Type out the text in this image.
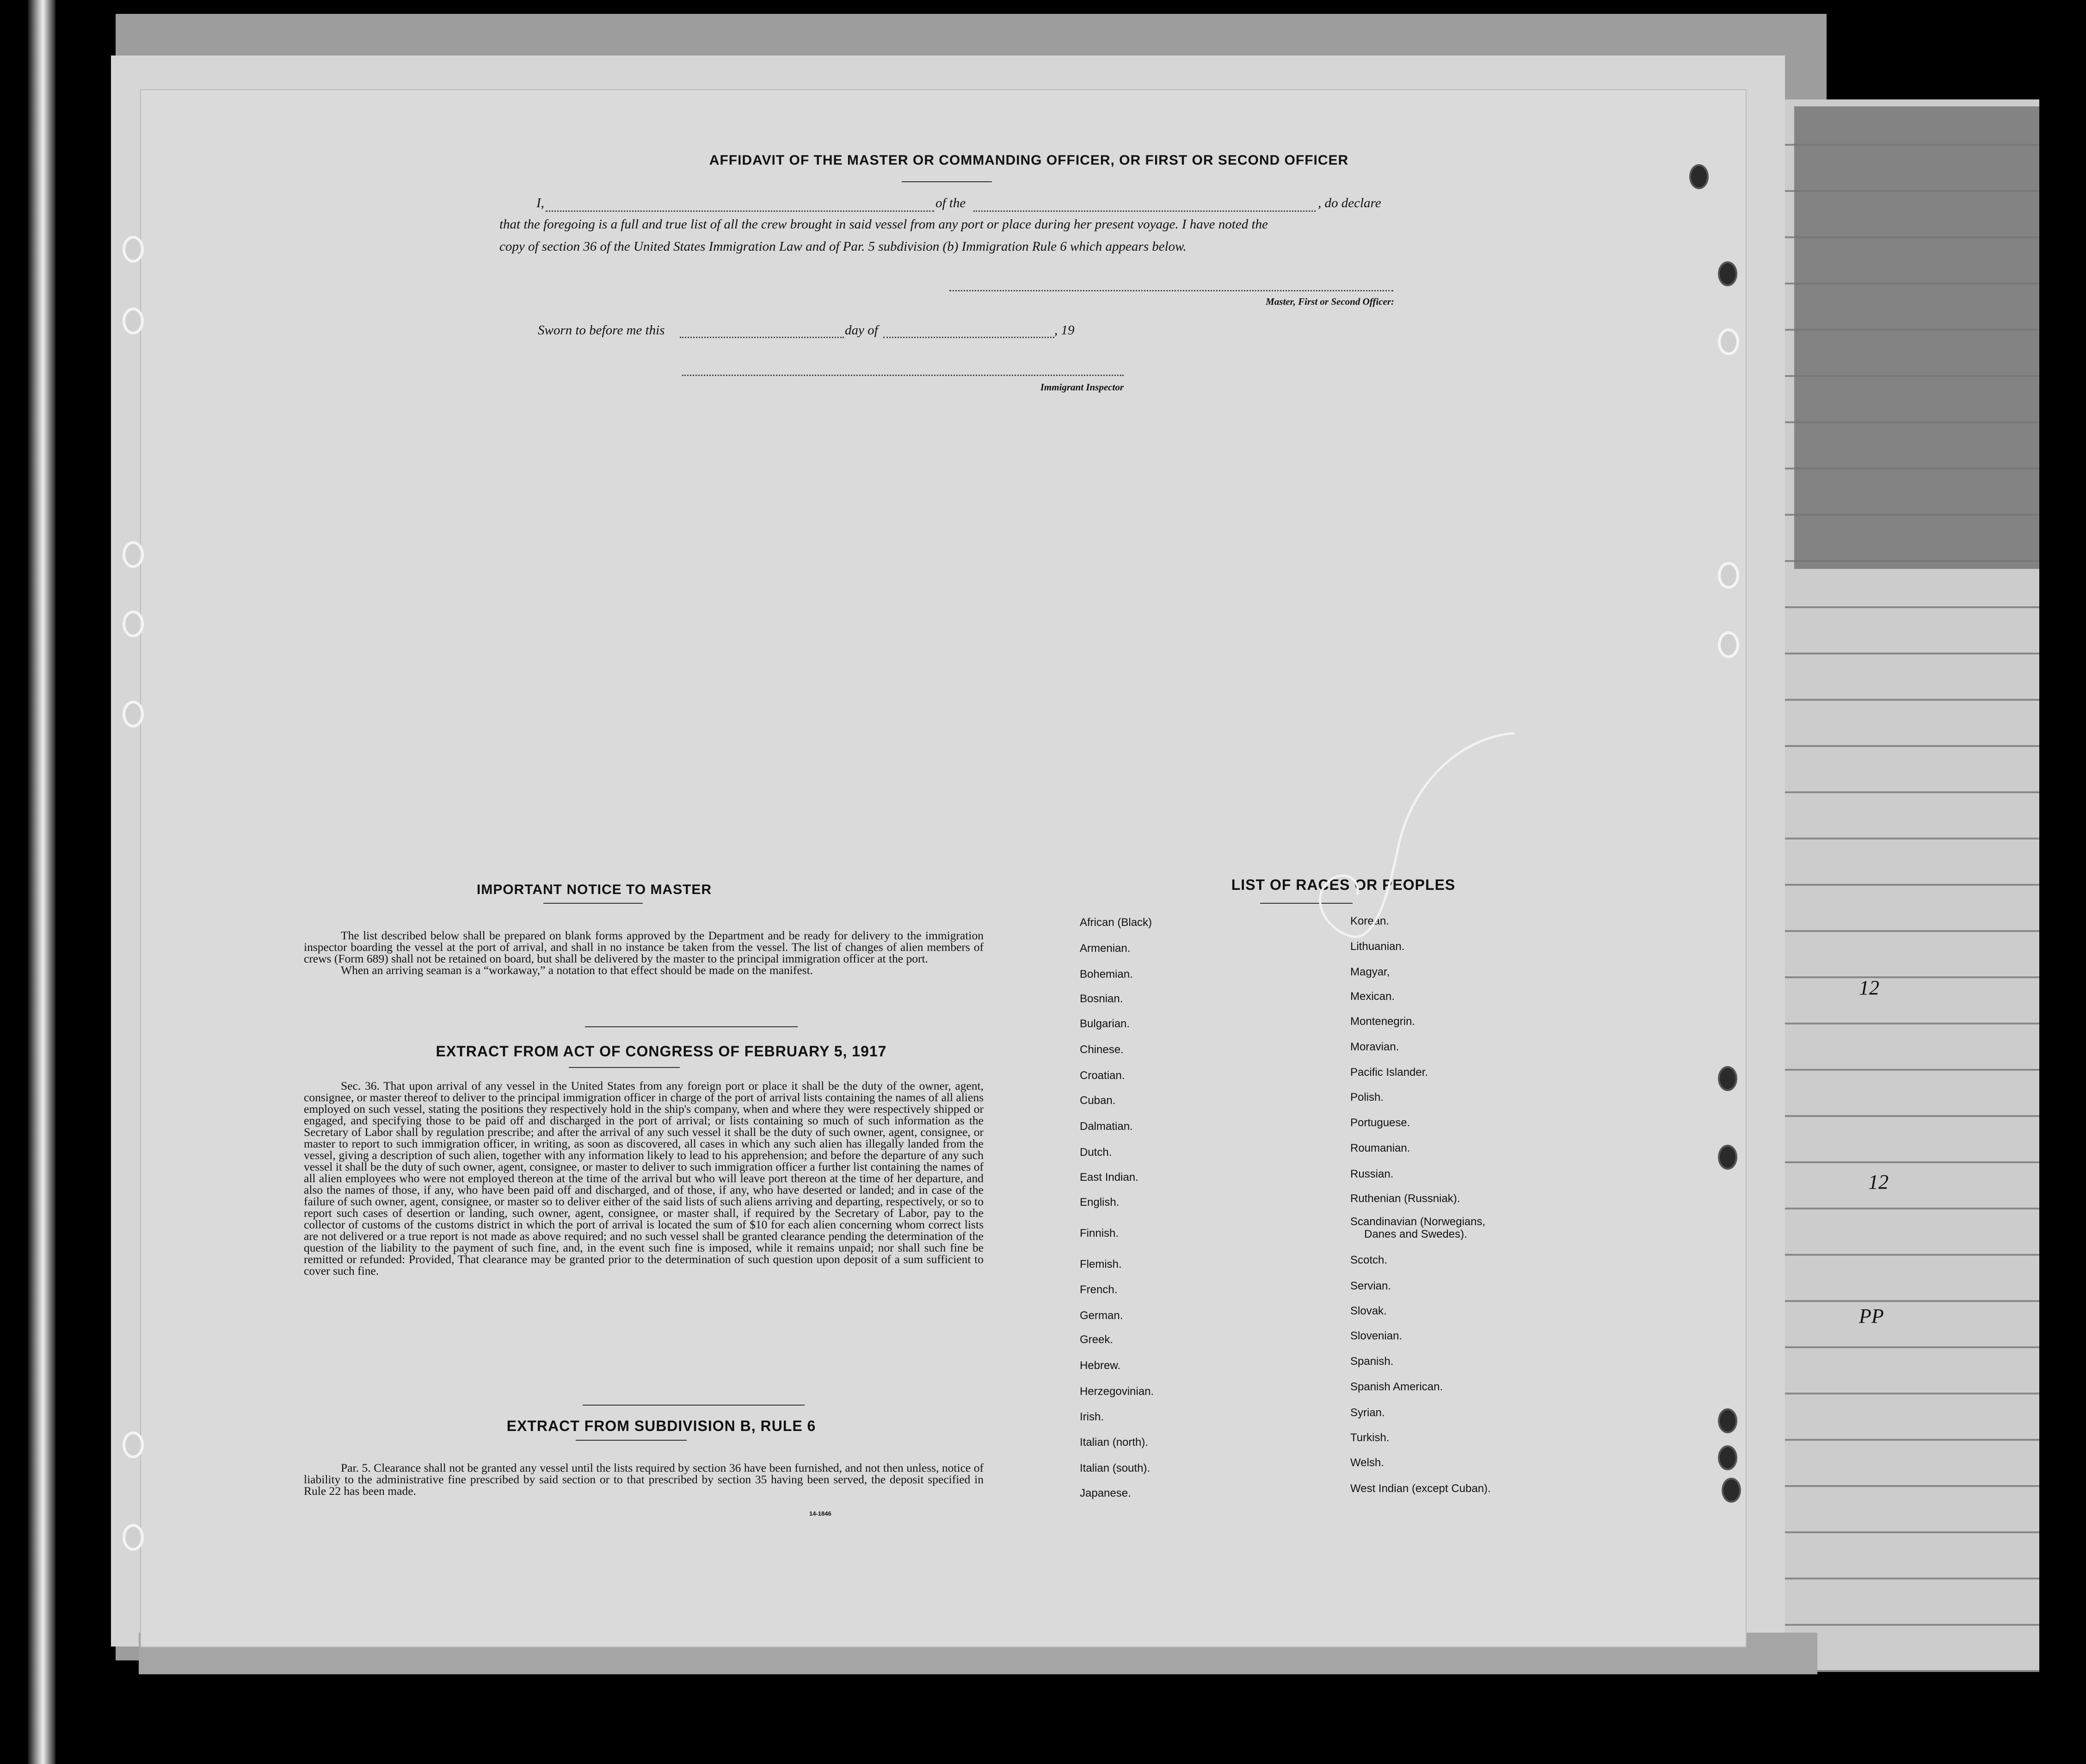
12
12
PP
AFFIDAVIT OF THE MASTER OR COMMANDING OFFICER, OR FIRST OR SECOND OFFICER
I,	of the	, do declare
that the foregoing is a full and true list of all the crew brought in said vessel from any port or place during her present voyage. I have noted the
copy of section 36 of the United States Immigration Law and of Par. 5 subdivision (b) Immigration Rule 6 which appears below.
Master, First or Second Officer:
Sworn to before me this	day of	, 19
Immigrant Inspector
IMPORTANT NOTICE TO MASTER
The list described below shall be prepared on blank forms approved by the Department and be ready for delivery to the immigration inspector boarding the vessel at the port of arrival, and shall in no instance be taken from the vessel. The list of changes of alien members of crews (Form 689) shall not be retained on board, but shall be delivered by the master to the principal immigration officer at the port.
When an arriving seaman is a “workaway,” a notation to that effect should be made on the manifest.
EXTRACT FROM ACT OF CONGRESS OF FEBRUARY 5, 1917
Sec. 36. That upon arrival of any vessel in the United States from any foreign port or place it shall be the duty of the owner, agent, consignee, or master thereof to deliver to the principal immigration officer in charge of the port of arrival lists containing the names of all aliens employed on such vessel, stating the positions they respectively hold in the ship's company, when and where they were respectively shipped or engaged, and specifying those to be paid off and discharged in the port of arrival; or lists containing so much of such information as the Secretary of Labor shall by regulation prescribe; and after the arrival of any such vessel it shall be the duty of such owner, agent, consignee, or master to report to such immigration officer, in writing, as soon as discovered, all cases in which any such alien has illegally landed from the vessel, giving a description of such alien, together with any information likely to lead to his apprehension; and before the departure of any such vessel it shall be the duty of such owner, agent, consignee, or master to deliver to such immigration officer a further list containing the names of all alien employees who were not employed thereon at the time of the arrival but who will leave port thereon at the time of her departure, and also the names of those, if any, who have been paid off and discharged, and of those, if any, who have deserted or landed; and in case of the failure of such owner, agent, consignee, or master so to deliver either of the said lists of such aliens arriving and departing, respectively, or so to report such cases of desertion or landing, such owner, agent, consignee, or master shall, if required by the Secretary of Labor, pay to the collector of customs of the customs district in which the port of arrival is located the sum of $10 for each alien concerning whom correct lists are not delivered or a true report is not made as above required; and no such vessel shall be granted clearance pending the determination of the question of the liability to the payment of such fine, and, in the event such fine is imposed, while it remains unpaid; nor shall such fine be remitted or refunded: Provided, That clearance may be granted prior to the determination of such question upon deposit of a sum sufficient to cover such fine.
EXTRACT FROM SUBDIVISION B, RULE 6
Par. 5. Clearance shall not be granted any vessel until the lists required by section 36 have been furnished, and not then unless, notice of liability to the administrative fine prescribed by said section or to that prescribed by section 35 having been served, the deposit specified in Rule 22 has been made.
14-1846
LIST OF RACES OR PEOPLES
African (Black)
Armenian.
Bohemian.
Bosnian.
Bulgarian.
Chinese.
Croatian.
Cuban.
Dalmatian.
Dutch.
East Indian.
English.
Finnish.
Flemish.
French.
German.
Greek.
Hebrew.
Herzegovinian.
Irish.
Italian (north).
Italian (south).
Japanese.
Korean.
Lithuanian.
Magyar,
Mexican.
Montenegrin.
Moravian.
Pacific Islander.
Polish.
Portuguese.
Roumanian.
Russian.
Ruthenian (Russniak).
Scandinavian (Norwegians,
Danes and Swedes).
Scotch.
Servian.
Slovak.
Slovenian.
Spanish.
Spanish American.
Syrian.
Turkish.
Welsh.
West Indian (except Cuban).
